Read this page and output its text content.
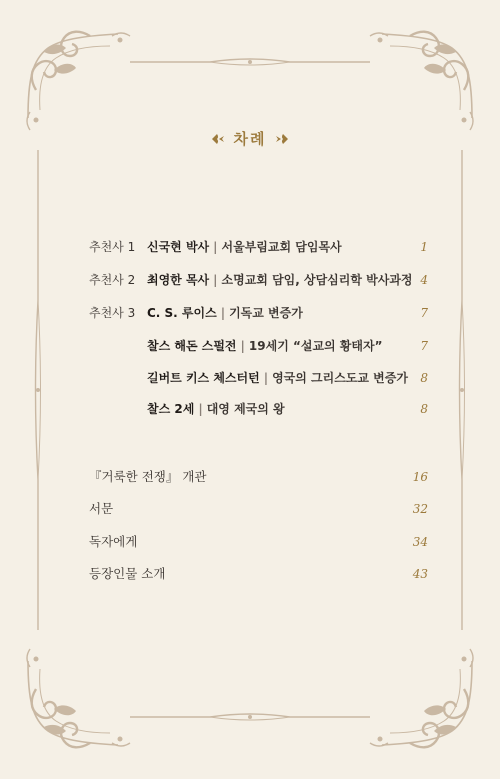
차례
추천사 1 신국현 박사 | 서울부림교회 담임목사	1
추천사 2 최영한 목사 | 소명교회 담임, 상담심리학 박사과정 4
추천사 3 C. S. 루이스 | 기독교 변증가	7
찰스 해돈 스펄전 | 19세기 “설교의 황태자”	7
길버트 키스 체스터턴 | 영국의 그리스도교 변증가 8
찰스 2세 | 대영 제국의 왕	8
『거룩한 전쟁』 개관	16
서문	32
독자에게	34
등장인물 소개	43
